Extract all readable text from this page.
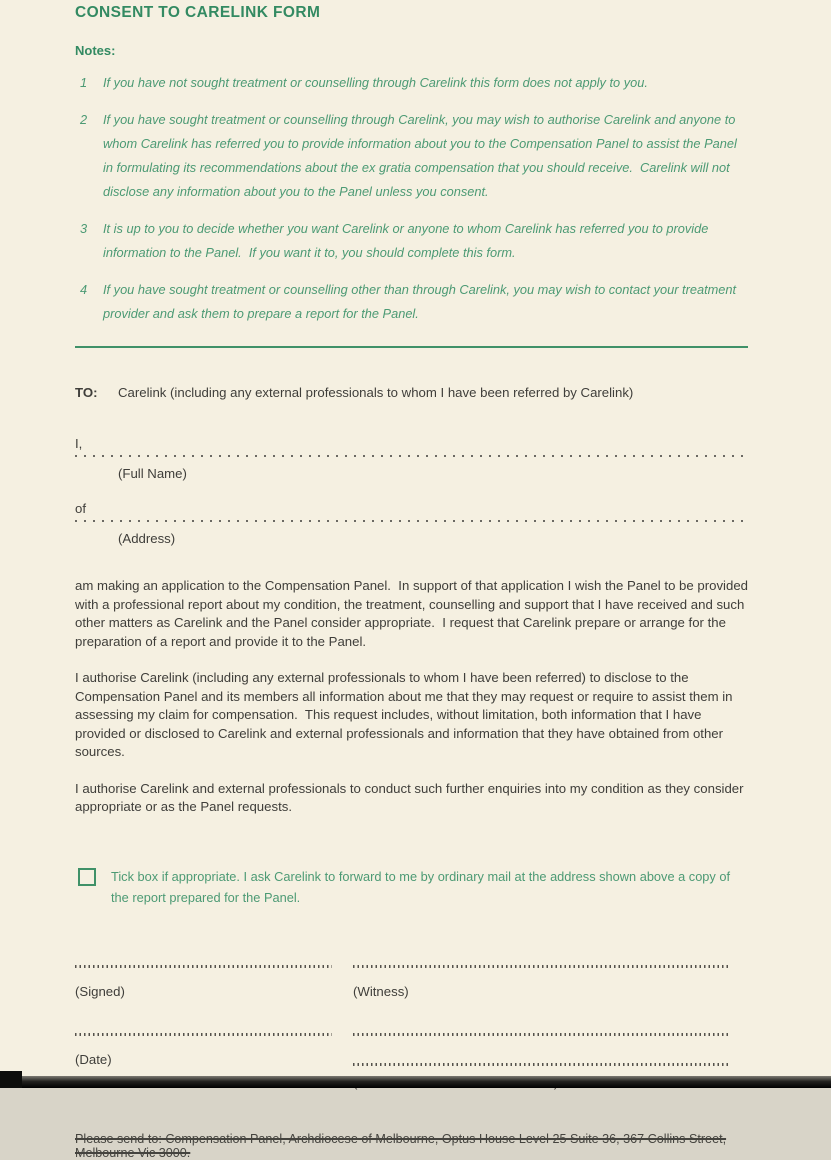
CONSENT TO CARELINK FORM
Notes:
1	If you have not sought treatment or counselling through Carelink this form does not apply to you.
2	If you have sought treatment or counselling through Carelink, you may wish to authorise Carelink and anyone to whom Carelink has referred you to provide information about you to the Compensation Panel to assist the Panel in formulating its recommendations about the ex gratia compensation that you should receive.  Carelink will not disclose any information about you to the Panel unless you consent.
3	It is up to you to decide whether you want Carelink or anyone to whom Carelink has referred you to provide information to the Panel.  If you want it to, you should complete this form.
4	If you have sought treatment or counselling other than through Carelink, you may wish to contact your treatment provider and ask them to prepare a report for the Panel.
TO:	Carelink (including any external professionals to whom I have been referred by Carelink)
I,
(Full Name)
of
(Address)

am making an application to the Compensation Panel.  In support of that application I wish the Panel to be provided with a professional report about my condition, the treatment, counselling and support that I have received and such other matters as Carelink and the Panel consider appropriate.  I request that Carelink prepare or arrange for the preparation of a report and provide it to the Panel.

I authorise Carelink (including any external professionals to whom I have been referred) to disclose to the Compensation Panel and its members all information about me that they may request or require to assist them in assessing my claim for compensation.  This request includes, without limitation, both information that I have provided or disclosed to Carelink and external professionals and information that they have obtained from other sources.

I authorise Carelink and external professionals to conduct such further enquiries into my condition as they consider appropriate or as the Panel requests.

Tick box if appropriate. I ask Carelink to forward to me by ordinary mail at the address shown above a copy of the report prepared for the Panel.
(Signed)	(Witness)
(Date)
Please send to: Compensation Panel, Archdiocese of Melbourne, Optus House Level 25 Suite 36, 367 Collins Street, Melbourne Vic 3000.
